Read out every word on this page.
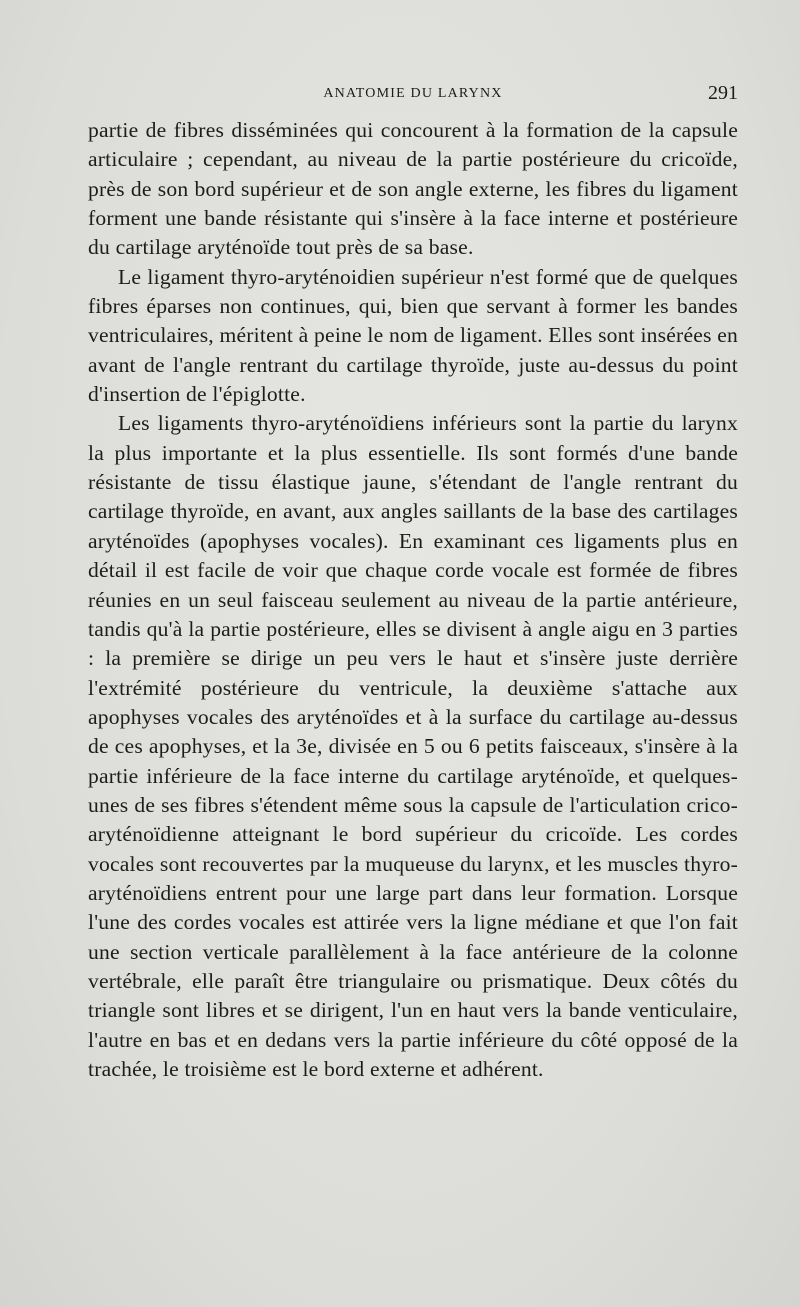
ANATOMIE DU LARYNX	291

partie de fibres disséminées qui concourent à la formation de la capsule articulaire ; cependant, au niveau de la partie postérieure du cricoïde, près de son bord supérieur et de son angle externe, les fibres du ligament forment une bande résistante qui s'insère à la face interne et postérieure du cartilage aryténoïde tout près de sa base.

Le ligament thyro-aryténoidien supérieur n'est formé que de quelques fibres éparses non continues, qui, bien que servant à former les bandes ventriculaires, méritent à peine le nom de ligament. Elles sont insérées en avant de l'angle rentrant du cartilage thyroïde, juste au-dessus du point d'insertion de l'épiglotte.

Les ligaments thyro-aryténoïdiens inférieurs sont la partie du larynx la plus importante et la plus essentielle. Ils sont formés d'une bande résistante de tissu élastique jaune, s'étendant de l'angle rentrant du cartilage thyroïde, en avant, aux angles saillants de la base des cartilages aryténoïdes (apophyses vocales). En examinant ces ligaments plus en détail il est facile de voir que chaque corde vocale est formée de fibres réunies en un seul faisceau seulement au niveau de la partie antérieure, tandis qu'à la partie postérieure, elles se divisent à angle aigu en 3 parties : la première se dirige un peu vers le haut et s'insère juste derrière l'extrémité postérieure du ventricule, la deuxième s'attache aux apophyses vocales des aryténoïdes et à la surface du cartilage au-dessus de ces apophyses, et la 3e, divisée en 5 ou 6 petits faisceaux, s'insère à la partie inférieure de la face interne du cartilage aryténoïde, et quelques-unes de ses fibres s'étendent même sous la capsule de l'articulation crico-aryténoïdienne atteignant le bord supérieur du cricoïde. Les cordes vocales sont recouvertes par la muqueuse du larynx, et les muscles thyro-aryténoïdiens entrent pour une large part dans leur formation. Lorsque l'une des cordes vocales est attirée vers la ligne médiane et que l'on fait une section verticale parallèlement à la face antérieure de la colonne vertébrale, elle paraît être triangulaire ou prismatique. Deux côtés du triangle sont libres et se dirigent, l'un en haut vers la bande venticulaire, l'autre en bas et en dedans vers la partie inférieure du côté opposé de la trachée, le troisième est le bord externe et adhérent.
